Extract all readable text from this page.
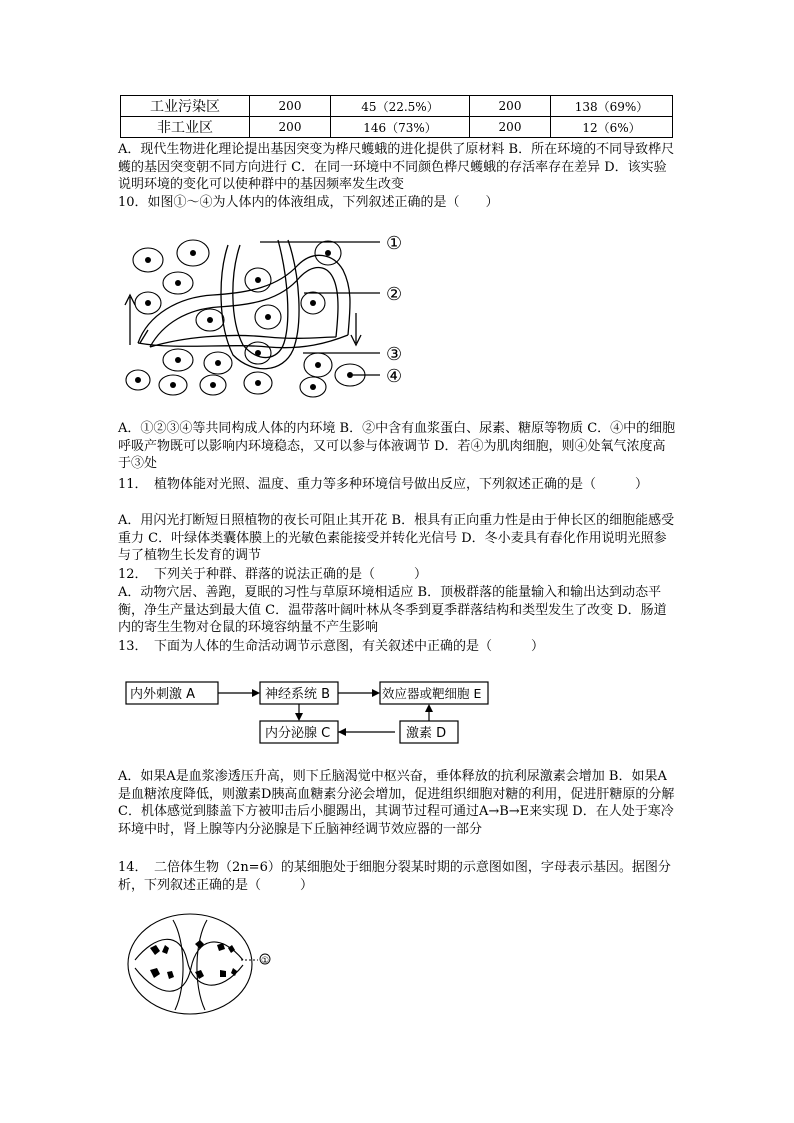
工业污染区	200	45（22.5%）	200	138（69%）
非工业区	200	146（73%）	200	12（6%）
A．现代生物进化理论提出基因突变为桦尺蠖蛾的进化提供了原材料 B．所在环境的不同导致桦尺蠖的基因突变朝不同方向进行 C．在同一环境中不同颜色桦尺蠖蛾的存活率存在差异 D．该实验说明环境的变化可以使种群中的基因频率发生改变
10．如图①～④为人体内的体液组成，下列叙述正确的是（　　）
①
②
③
④
A．①②③④等共同构成人体的内环境 B．②中含有血浆蛋白、尿素、糖原等物质 C．④中的细胞呼吸产物既可以影响内环境稳态，又可以参与体液调节 D．若④为肌肉细胞，则④处氧气浓度高于③处
11．　植物体能对光照、温度、重力等多种环境信号做出反应，下列叙述正确的是（　　　）
A．用闪光打断短日照植物的夜长可阻止其开花 B．根具有正向重力性是由于伸长区的细胞能感受重力 C．叶绿体类囊体膜上的光敏色素能接受并转化光信号 D．冬小麦具有春化作用说明光照参与了植物生长发育的调节
12．　下列关于种群、群落的说法正确的是（　　　）
A．动物穴居、善跑，夏眠的习性与草原环境相适应 B．顶极群落的能量输入和输出达到动态平衡，净生产量达到最大值 C．温带落叶阔叶林从冬季到夏季群落结构和类型发生了改变 D．肠道内的寄生生物对仓鼠的环境容纳量不产生影响
13．　下面为人体的生命活动调节示意图，有关叙述中正确的是（　　　）
内外刺激 A	神经系统 B	效应器或靶细胞 E
内分泌腺 C	激素 D
A．如果A是血浆渗透压升高，则下丘脑渴觉中枢兴奋，垂体释放的抗利尿激素会增加 B．如果A是血糖浓度降低，则激素D胰高血糖素分泌会增加，促进组织细胞对糖的利用，促进肝糖原的分解 C．机体感觉到膝盖下方被叩击后小腿踢出，其调节过程可通过A→B→E来实现 D．在人处于寒冷环境中时，肾上腺等内分泌腺是下丘脑神经调节效应器的一部分
14．　二倍体生物（2n=6）的某细胞处于细胞分裂某时期的示意图如图，字母表示基因。据图分析，下列叙述正确的是（　　　）
①
